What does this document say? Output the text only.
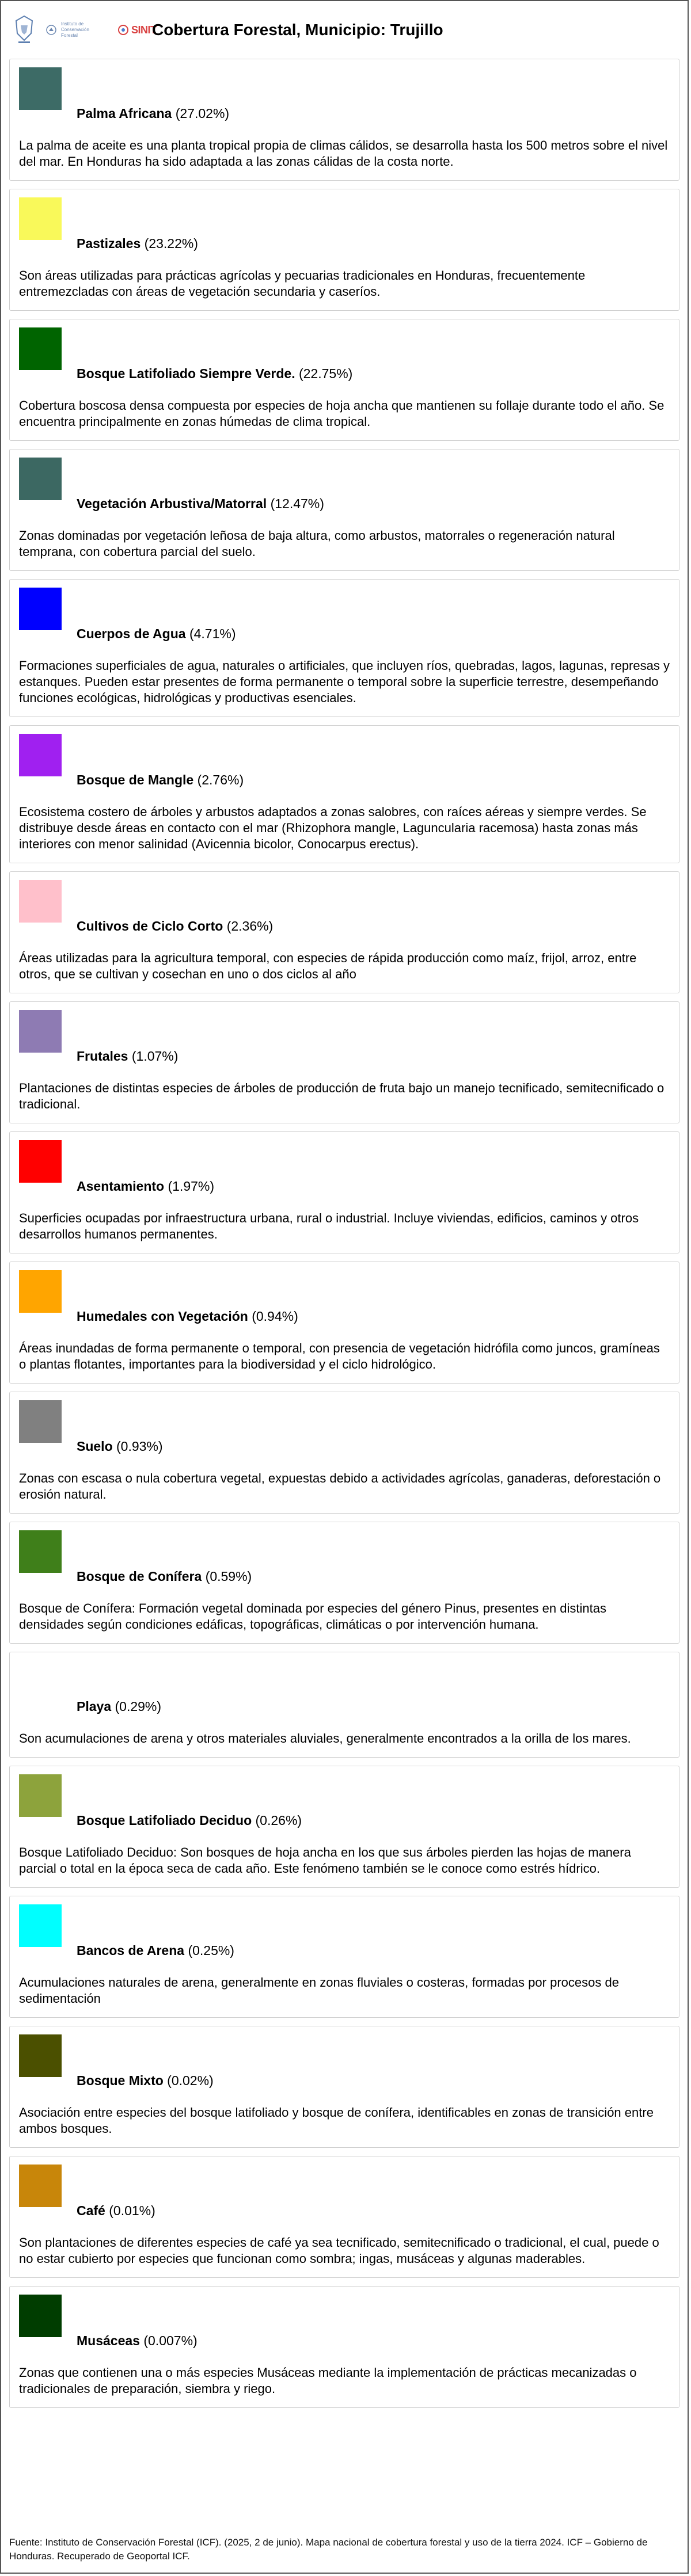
Instituto de Conservación Forestal	SINIT
Cobertura Forestal, Municipio: Trujillo
Palma Africana (27.02%)
La palma de aceite es una planta tropical propia de climas cálidos, se desarrolla hasta los 500 metros sobre el nivel del mar. En Honduras ha sido adaptada a las zonas cálidas de la costa norte.
Pastizales (23.22%)
Son áreas utilizadas para prácticas agrícolas y pecuarias tradicionales en Honduras, frecuentemente entremezcladas con áreas de vegetación secundaria y caseríos.
Bosque Latifoliado Siempre Verde. (22.75%)
Cobertura boscosa densa compuesta por especies de hoja ancha que mantienen su follaje durante todo el año. Se encuentra principalmente en zonas húmedas de clima tropical.
Vegetación Arbustiva/Matorral (12.47%)
Zonas dominadas por vegetación leñosa de baja altura, como arbustos, matorrales o regeneración natural temprana, con cobertura parcial del suelo.
Cuerpos de Agua (4.71%)
Formaciones superficiales de agua, naturales o artificiales, que incluyen ríos, quebradas, lagos, lagunas, represas y estanques. Pueden estar presentes de forma permanente o temporal sobre la superficie terrestre, desempeñando funciones ecológicas, hidrológicas y productivas esenciales.
Bosque de Mangle (2.76%)
Ecosistema costero de árboles y arbustos adaptados a zonas salobres, con raíces aéreas y siempre verdes. Se distribuye desde áreas en contacto con el mar (Rhizophora mangle, Laguncularia racemosa) hasta zonas más interiores con menor salinidad (Avicennia bicolor, Conocarpus erectus).
Cultivos de Ciclo Corto (2.36%)
Áreas utilizadas para la agricultura temporal, con especies de rápida producción como maíz, frijol, arroz, entre otros, que se cultivan y cosechan en uno o dos ciclos al año
Frutales (1.07%)
Plantaciones de distintas especies de árboles de producción de fruta bajo un manejo tecnificado, semitecnificado o tradicional.
Asentamiento (1.97%)
Superficies ocupadas por infraestructura urbana, rural o industrial. Incluye viviendas, edificios, caminos y otros desarrollos humanos permanentes.
Humedales con Vegetación (0.94%)
Áreas inundadas de forma permanente o temporal, con presencia de vegetación hidrófila como juncos, gramíneas o plantas flotantes, importantes para la biodiversidad y el ciclo hidrológico.
Suelo (0.93%)
Zonas con escasa o nula cobertura vegetal, expuestas debido a actividades agrícolas, ganaderas, deforestación o erosión natural.
Bosque de Conífera (0.59%)
Bosque de Conífera: Formación vegetal dominada por especies del género Pinus, presentes en distintas densidades según condiciones edáficas, topográficas, climáticas o por intervención humana.
Playa (0.29%)
Son acumulaciones de arena y otros materiales aluviales, generalmente encontrados a la orilla de los mares.
Bosque Latifoliado Deciduo (0.26%)
Bosque Latifoliado Deciduo: Son bosques de hoja ancha en los que sus árboles pierden las hojas de manera parcial o total en la época seca de cada año. Este fenómeno también se le conoce como estrés hídrico.
Bancos de Arena (0.25%)
Acumulaciones naturales de arena, generalmente en zonas fluviales o costeras, formadas por procesos de sedimentación
Bosque Mixto (0.02%)
Asociación entre especies del bosque latifoliado y bosque de conífera, identificables en zonas de transición entre ambos bosques.
Café (0.01%)
Son plantaciones de diferentes especies de café ya sea tecnificado, semitecnificado o tradicional, el cual, puede o no estar cubierto por especies que funcionan como sombra; ingas, musáceas y algunas maderables.
Musáceas (0.007%)
Zonas que contienen una o más especies Musáceas mediante la implementación de prácticas mecanizadas o tradicionales de preparación, siembra y riego.
Fuente: Instituto de Conservación Forestal (ICF). (2025, 2 de junio). Mapa nacional de cobertura forestal y uso de la tierra 2024. ICF – Gobierno de Honduras. Recuperado de Geoportal ICF.
